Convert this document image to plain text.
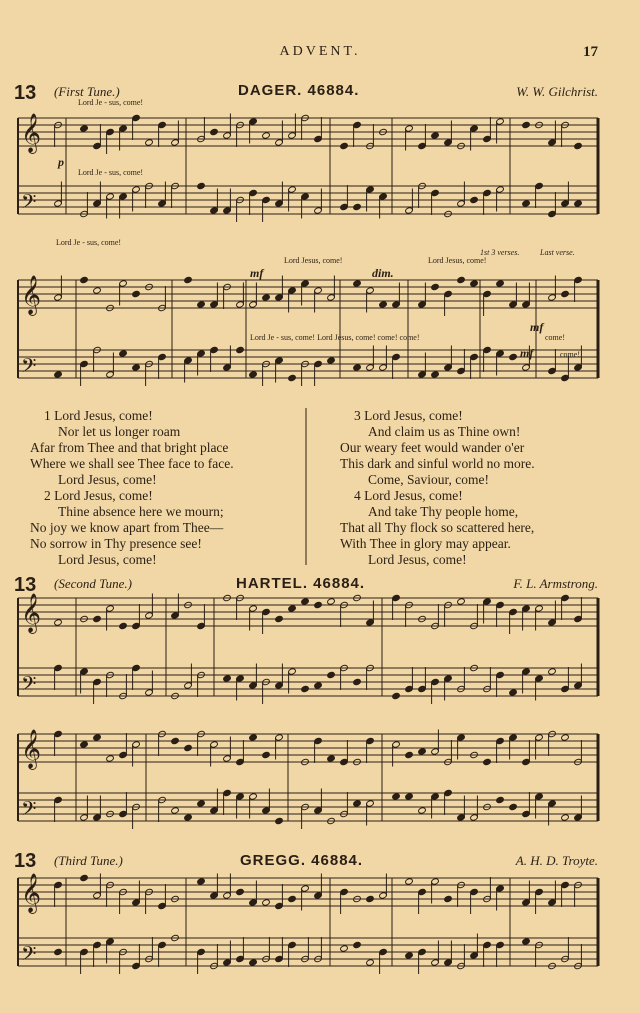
ADVENT.	17
13 (First Tune.)	DAGER. 46884.	W. W. Gilchrist.
Lord Je - sus, come!
p
Lord Je - sus, come!
Lord Je - sus, come!
1st 3 verses.	Last verse.
Lord Jesus, come!	Lord Jesus, come!
mf	dim.
mf
Lord Je - sus, come! Lord Jesus, come! come! come!	come!
mf	come!
1 Lord Jesus, come!
Nor let us longer roam
Afar from Thee and that bright place
Where we shall see Thee face to face.
Lord Jesus, come!
2 Lord Jesus, come!
Thine absence here we mourn;
No joy we know apart from Thee—
No sorrow in Thy presence see!
Lord Jesus, come!
3 Lord Jesus, come!
And claim us as Thine own!
Our weary feet would wander o'er
This dark and sinful world no more.
Come, Saviour, come!
4 Lord Jesus, come!
And take Thy people home,
That all Thy flock so scattered here,
With Thee in glory may appear.
Lord Jesus, come!
13 (Second Tune.)	HARTEL. 46884.	F. L. Armstrong.
13 (Third Tune.)	GREGG. 46884.	A. H. D. Troyte.
𝄞
𝄢
𝄞
𝄢
𝄞
𝄢
𝄞
𝄢
𝄞
𝄢
